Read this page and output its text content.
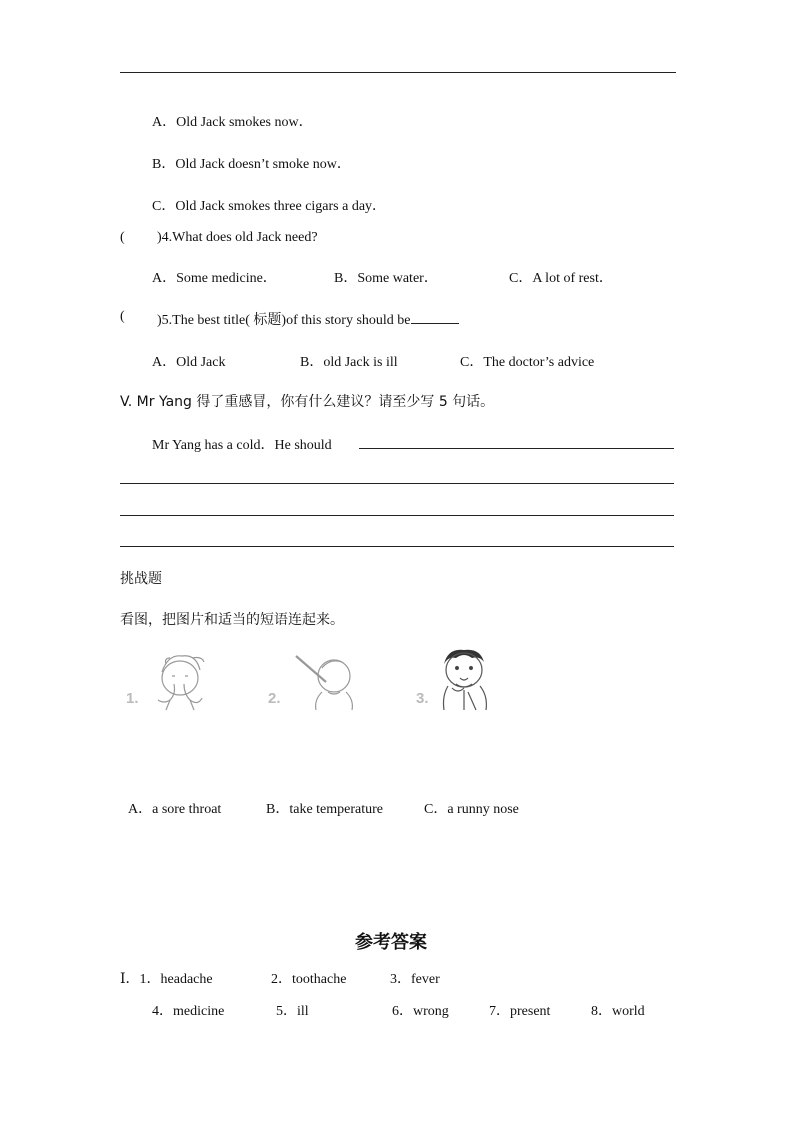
A．Old Jack smokes now．
B．Old Jack doesn’t smoke now．
C．Old Jack smokes three cigars a day．
(	)4.What does old Jack need?
A．Some medicine．	B．Some water．	C．A lot of rest．
( )5.The best title( 标题)of this story should be
A．Old Jack	B．old Jack is ill	C．The doctor’s advice
V. Mr Yang 得了重感冒，你有什么建议？请至少写 5 句话。
Mr Yang has a cold．He should
挑战题
看图，把图片和适当的短语连起来。
1.	2.	3.
A．a sore throat	B．take temperature	C．a runny nose
参考答案
Ⅰ．1．headache	2．toothache	3．fever
4．medicine	5．ill	6．wrong	7．present	8．world
